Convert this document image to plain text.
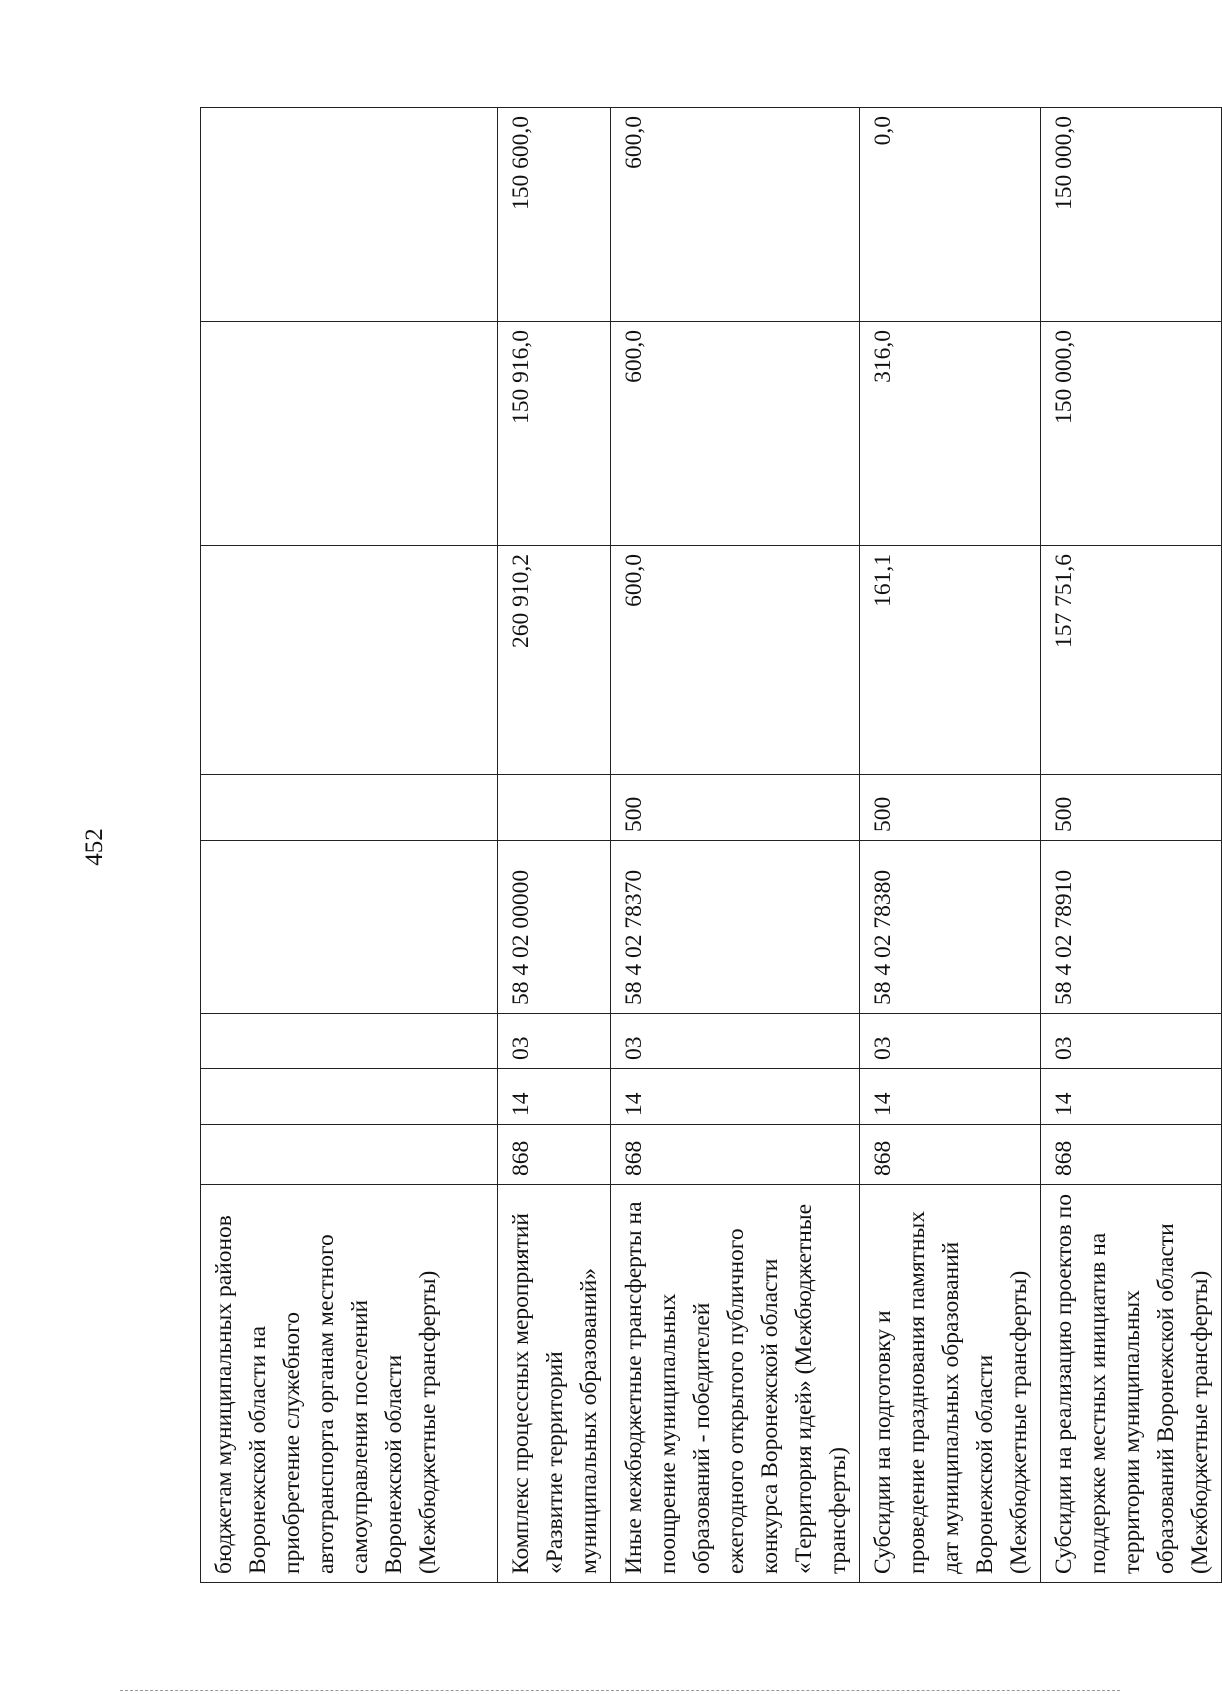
452
бюджетам муниципальных районов Воронежской области на приобретение служебного автотранспорта органам местного самоуправления поселений Воронежской области (Межбюджетные трансферты)								
Комплекс процессных мероприятий «Развитие территорий муниципальных образований»	868	14	03	58 4 02 00000		260 910,2	150 916,0	150 600,0
Иные межбюджетные трансферты на поощрение муниципальных образований - победителей ежегодного открытого публичного конкурса Воронежской области «Территория идей» (Межбюджетные трансферты)	868	14	03	58 4 02 78370	500	600,0	600,0	600,0
Субсидии на подготовку и проведение празднования памятных дат муниципальных образований Воронежской области (Межбюджетные трансферты)	868	14	03	58 4 02 78380	500	161,1	316,0	0,0
Субсидии на реализацию проектов по поддержке местных инициатив на территории муниципальных образований Воронежской области (Межбюджетные трансферты)	868	14	03	58 4 02 78910	500	157 751,6	150 000,0	150 000,0
